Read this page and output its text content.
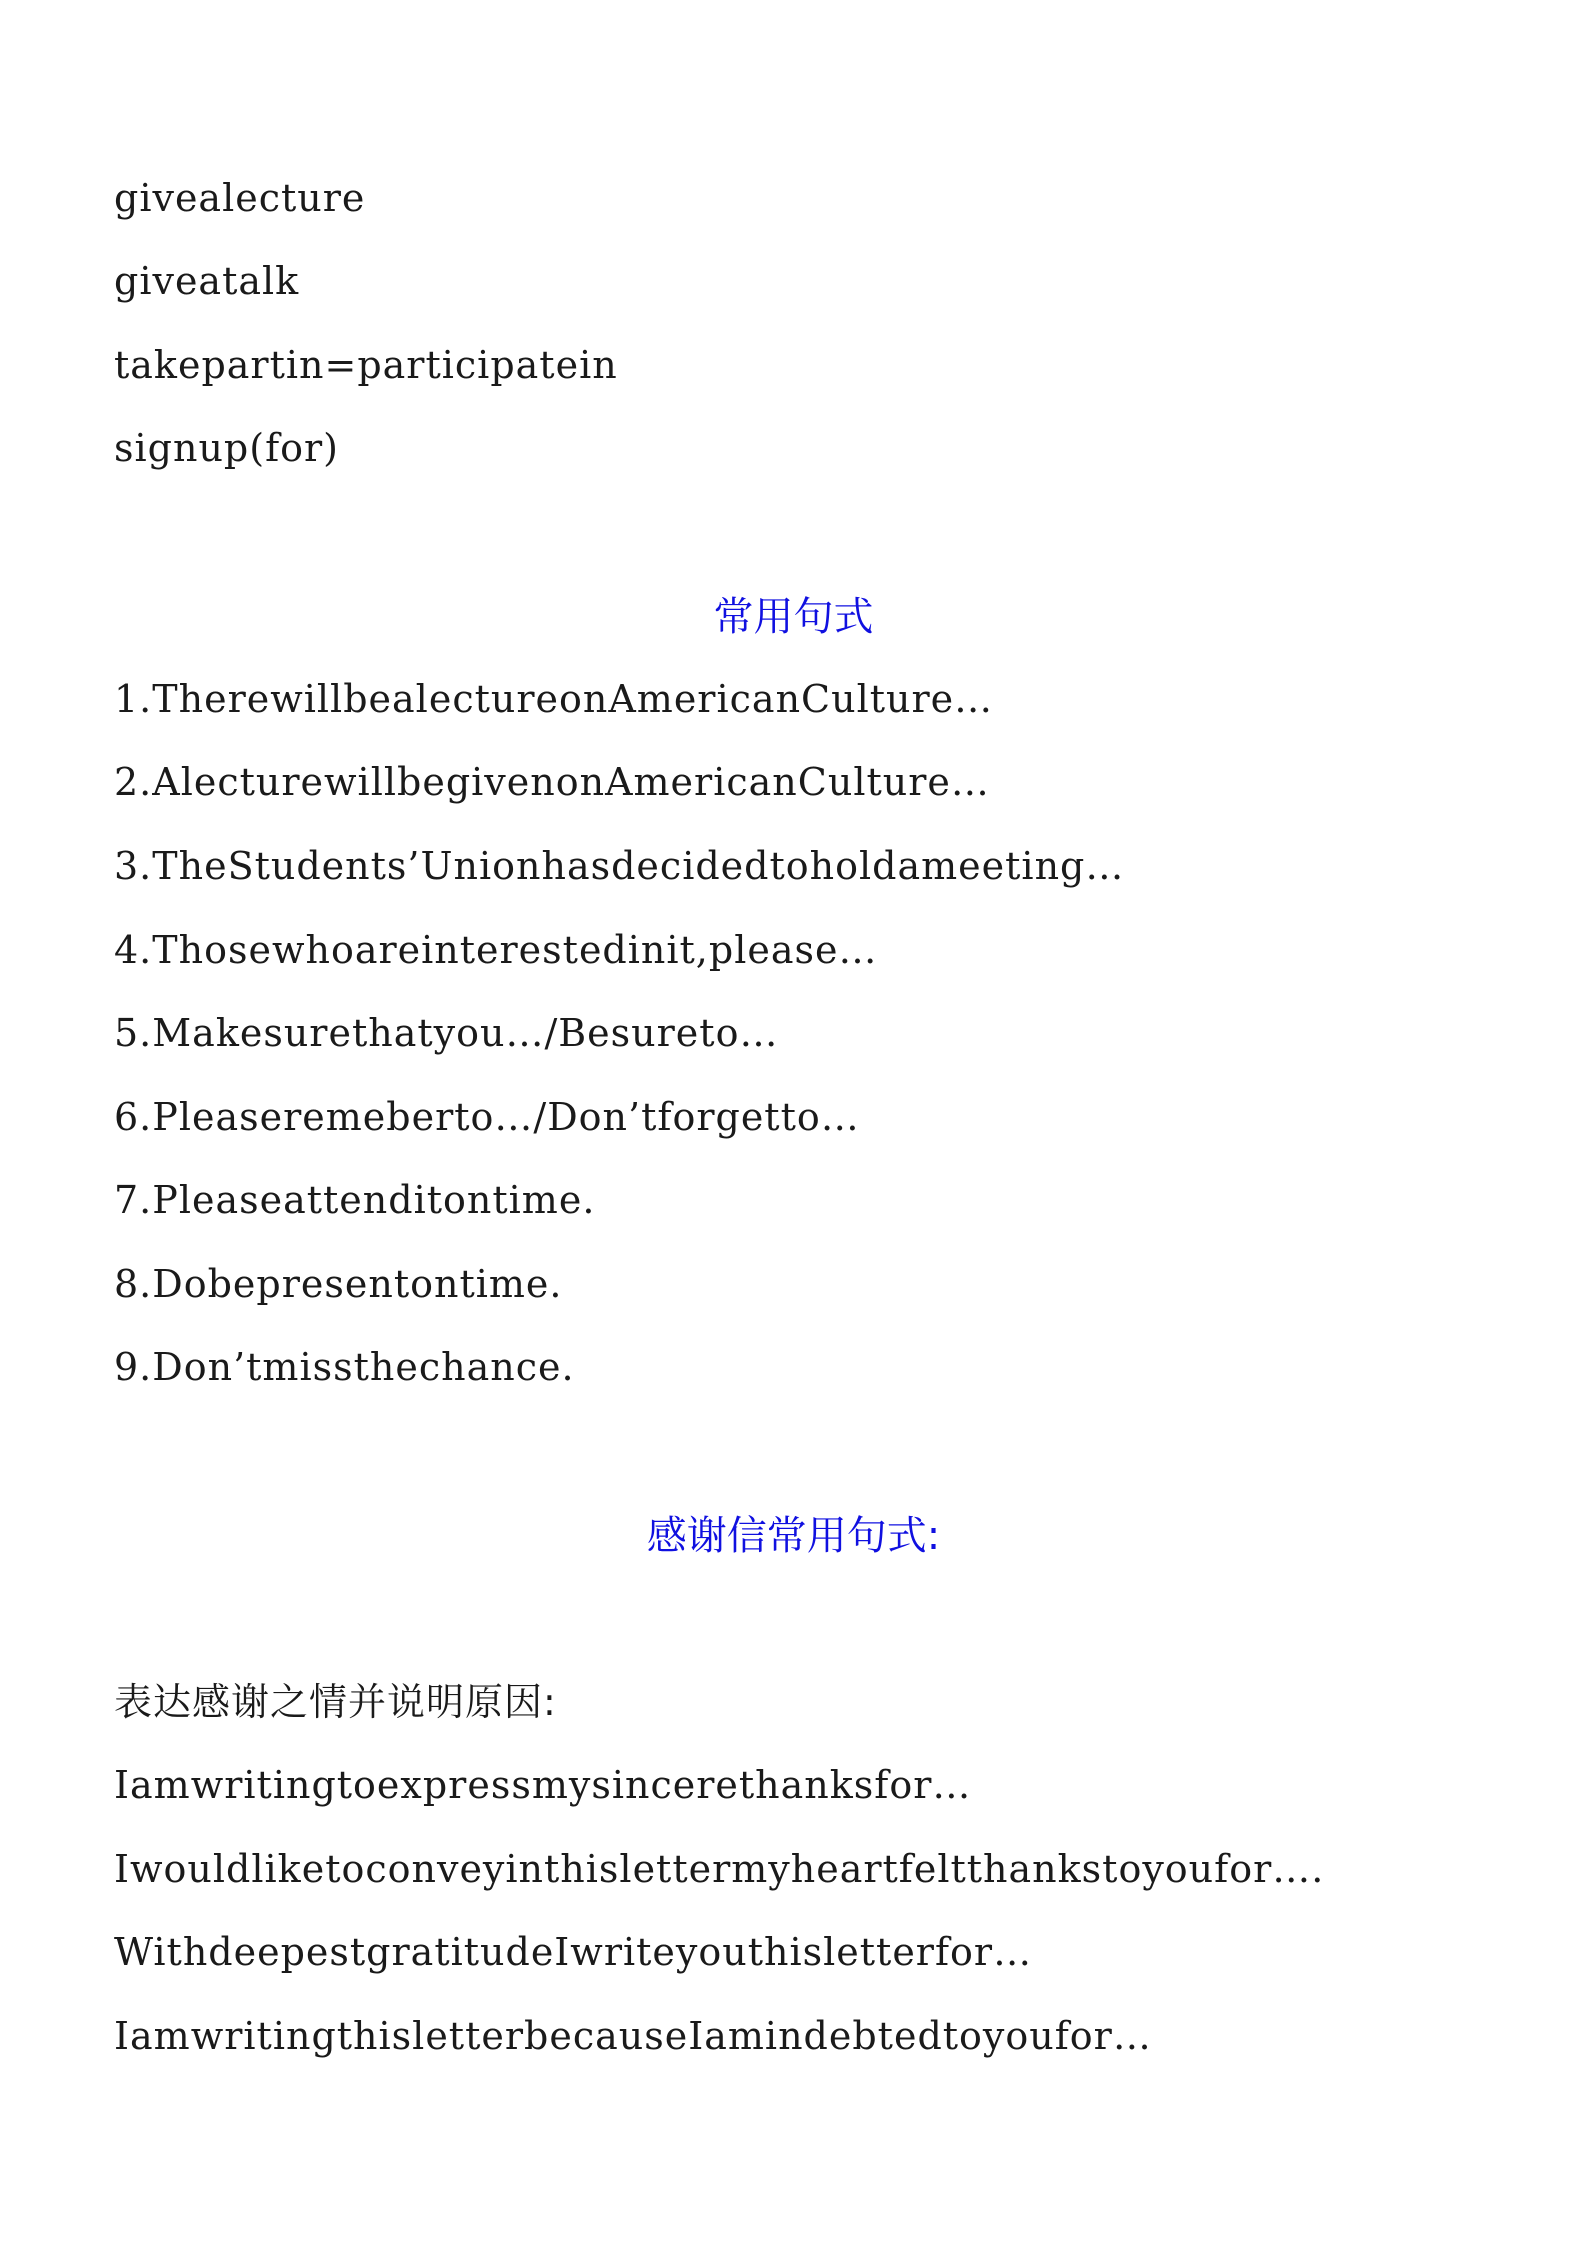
givealecture
giveatalk
takepartin=participatein
signup(for)
常用句式
1.TherewillbealectureonAmericanCulture…
2.AlecturewillbegivenonAmericanCulture…
3.TheStudents’Unionhasdecidedtoholdameeting…
4.Thosewhoareinterestedinit,please…
5.Makesurethatyou…/Besureto…
6.Pleaseremeberto…/Don’tforgetto…
7.Pleaseattenditontime.
8.Dobepresentontime.
9.Don’tmissthechance.
感谢信常用句式:
表达感谢之情并说明原因:
Iamwritingtoexpressmysincerethanksfor…
Iwouldliketoconveyinthislettermyheartfeltthankstoyoufor….
WithdeepestgratitudeIwriteyouthisletterfor…
IamwritingthisletterbecauseIamindebtedtoyoufor…
